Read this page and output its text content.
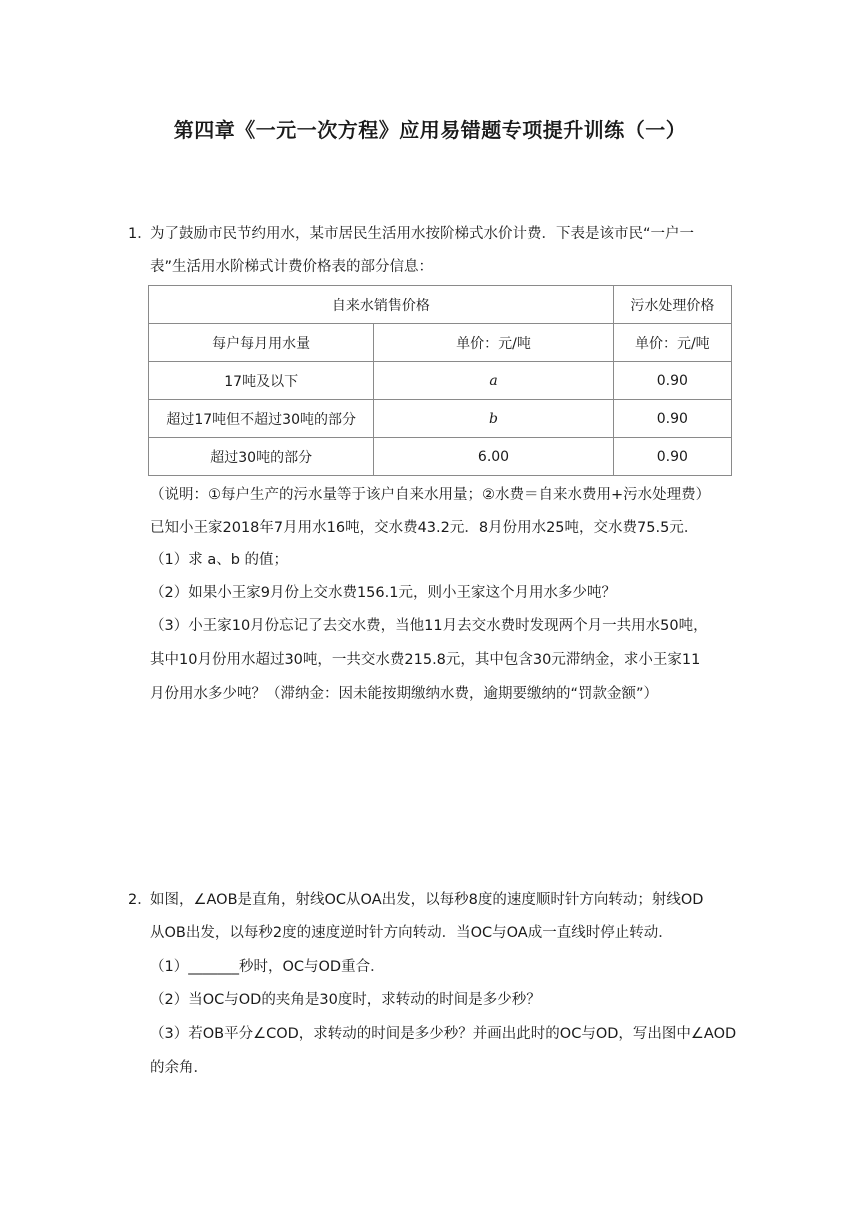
第四章《一元一次方程》应用易错题专项提升训练（一）
1．
为了鼓励市民节约用水，某市居民生活用水按阶梯式水价计费．下表是该市民“一户一
表”生活用水阶梯式计费价格表的部分信息：
自来水销售价格		污水处理价格
每户每月用水量	单价：元/吨	单价：元/吨
17吨及以下	a	0.90
超过17吨但不超过30吨的部分	b	0.90
超过30吨的部分	6.00	0.90
（说明：①每户生产的污水量等于该户自来水用量；②水费＝自来水费用+污水处理费）
已知小王家2018年7月用水16吨，交水费43.2元．8月份用水25吨，交水费75.5元．
（1）求 a、b 的值；
（2）如果小王家9月份上交水费156.1元，则小王家这个月用水多少吨？
（3）小王家10月份忘记了去交水费，当他11月去交水费时发现两个月一共用水50吨，
其中10月份用水超过30吨，一共交水费215.8元，其中包含30元滞纳金，求小王家11
月份用水多少吨？（滞纳金：因未能按期缴纳水费，逾期要缴纳的“罚款金额”）
2．
如图，∠AOB是直角，射线OC从OA出发，以每秒8度的速度顺时针方向转动；射线OD
从OB出发，以每秒2度的速度逆时针方向转动．当OC与OA成一直线时停止转动．
（1）_______秒时，OC与OD重合．
（2）当OC与OD的夹角是30度时，求转动的时间是多少秒？
（3）若OB平分∠COD，求转动的时间是多少秒？并画出此时的OC与OD，写出图中∠AOD
的余角．
